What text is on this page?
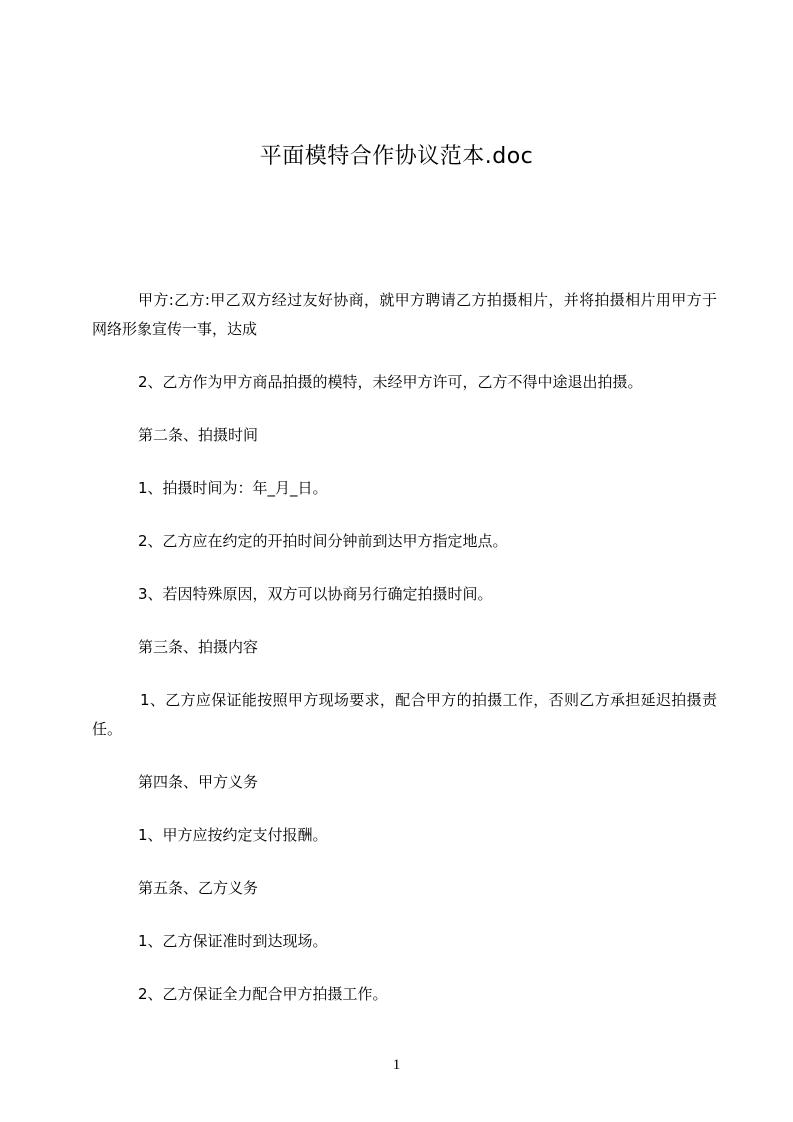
平面模特合作协议范本.doc

甲方:乙方:甲乙双方经过友好协商，就甲方聘请乙方拍摄相片，并将拍摄相片用甲方于网络形象宣传一事，达成

2、乙方作为甲方商品拍摄的模特，未经甲方许可，乙方不得中途退出拍摄。

第二条、拍摄时间

1、拍摄时间为：年_月_日。

2、乙方应在约定的开拍时间分钟前到达甲方指定地点。

3、若因特殊原因，双方可以协商另行确定拍摄时间。

第三条、拍摄内容

1、乙方应保证能按照甲方现场要求，配合甲方的拍摄工作，否则乙方承担延迟拍摄责任。

第四条、甲方义务

1、甲方应按约定支付报酬。

第五条、乙方义务

1、乙方保证准时到达现场。

2、乙方保证全力配合甲方拍摄工作。

1
